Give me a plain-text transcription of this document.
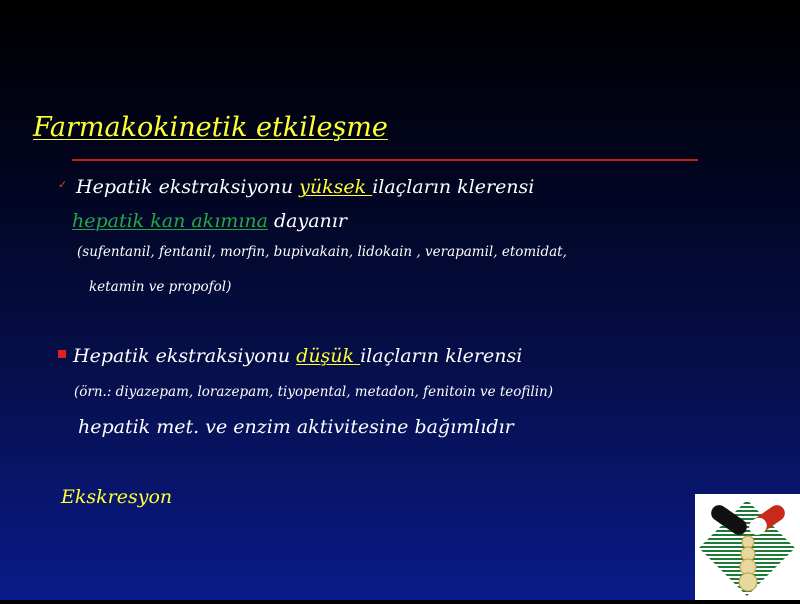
Farmakokinetik etkileşme
✓ Hepatik ekstraksiyonu yüksek ilaçların klerensi
hepatik kan akımına dayanır
(sufentanil, fentanil, morfin, bupivakain, lidokain , verapamil, etomidat,
ketamin ve propofol)
Hepatik ekstraksiyonu düşük ilaçların klerensi
(örn.: diyazepam, lorazepam, tiyopental, metadon, fenitoin ve teofilin)
hepatik met. ve enzim aktivitesine bağımlıdır
Ekskresyon
